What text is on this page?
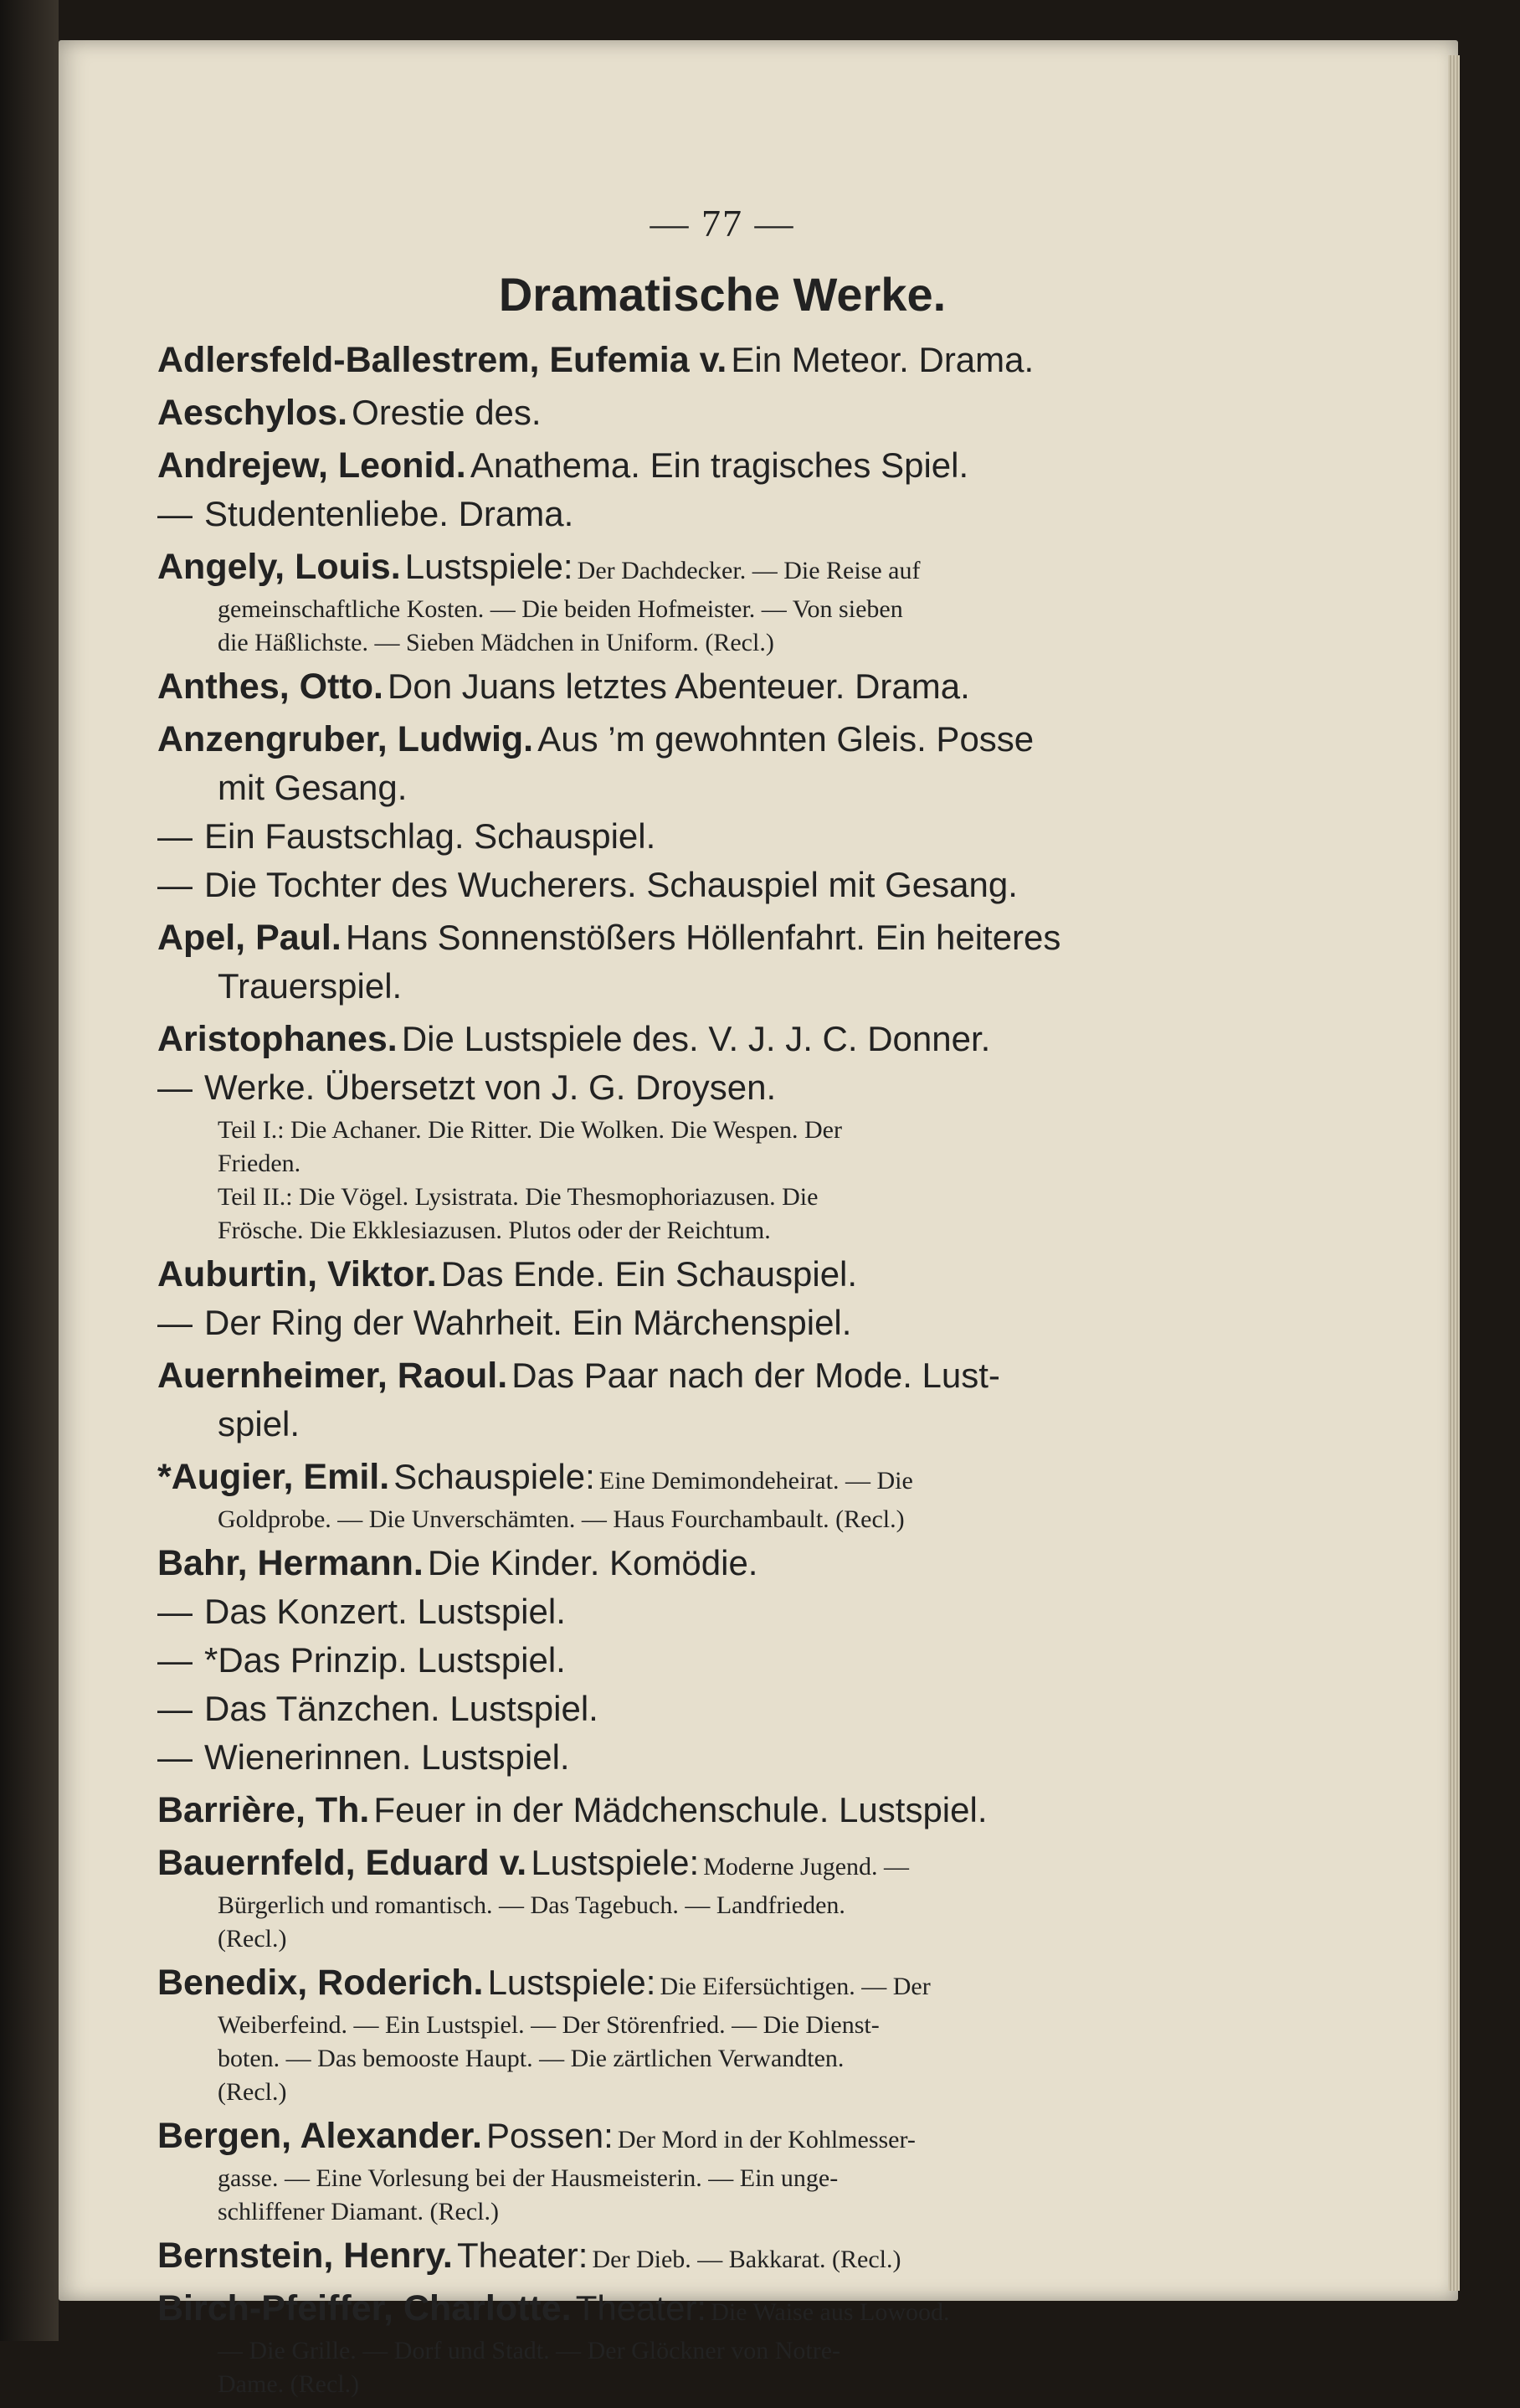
— 77 —
Dramatische Werke.
Adlersfeld-Ballestrem, Eufemia v. Ein Meteor. Drama.
Aeschylos. Orestie des.
Andrejew, Leonid. Anathema. Ein tragisches Spiel.
— Studentenliebe. Drama.
Angely, Louis. Lustspiele: Der Dachdecker. — Die Reise auf
gemeinschaftliche Kosten. — Die beiden Hofmeister. — Von sieben
die Häßlichste. — Sieben Mädchen in Uniform. (Recl.)
Anthes, Otto. Don Juans letztes Abenteuer. Drama.
Anzengruber, Ludwig. Aus ’m gewohnten Gleis. Posse
mit Gesang.
— Ein Faustschlag. Schauspiel.
— Die Tochter des Wucherers. Schauspiel mit Gesang.
Apel, Paul. Hans Sonnenstößers Höllenfahrt. Ein heiteres
Trauerspiel.
Aristophanes. Die Lustspiele des. V. J. J. C. Donner.
— Werke. Übersetzt von J. G. Droysen.
Teil I.: Die Achaner. Die Ritter. Die Wolken. Die Wespen. Der
Frieden.
Teil II.: Die Vögel. Lysistrata. Die Thesmophoriazusen. Die
Frösche. Die Ekklesiazusen. Plutos oder der Reichtum.
Auburtin, Viktor. Das Ende. Ein Schauspiel.
— Der Ring der Wahrheit. Ein Märchenspiel.
Auernheimer, Raoul. Das Paar nach der Mode. Lust-
spiel.
*Augier, Emil. Schauspiele: Eine Demimondeheirat. — Die
Goldprobe. — Die Unverschämten. — Haus Fourchambault. (Recl.)
Bahr, Hermann. Die Kinder. Komödie.
— Das Konzert. Lustspiel.
— *Das Prinzip. Lustspiel.
— Das Tänzchen. Lustspiel.
— Wienerinnen. Lustspiel.
Barrière, Th. Feuer in der Mädchenschule. Lustspiel.
Bauernfeld, Eduard v. Lustspiele: Moderne Jugend. —
Bürgerlich und romantisch. — Das Tagebuch. — Landfrieden.
(Recl.)
Benedix, Roderich. Lustspiele: Die Eifersüchtigen. — Der
Weiberfeind. — Ein Lustspiel. — Der Störenfried. — Die Dienst-
boten. — Das bemooste Haupt. — Die zärtlichen Verwandten.
(Recl.)
Bergen, Alexander. Possen: Der Mord in der Kohlmesser-
gasse. — Eine Vorlesung bei der Hausmeisterin. — Ein unge-
schliffener Diamant. (Recl.)
Bernstein, Henry. Theater: Der Dieb. — Bakkarat. (Recl.)
Birch-Pfeiffer, Charlotte. Theater: Die Waise aus Lowood.
— Die Grille. — Dorf und Stadt. — Der Glöckner von Notre-
Dame. (Recl.)
